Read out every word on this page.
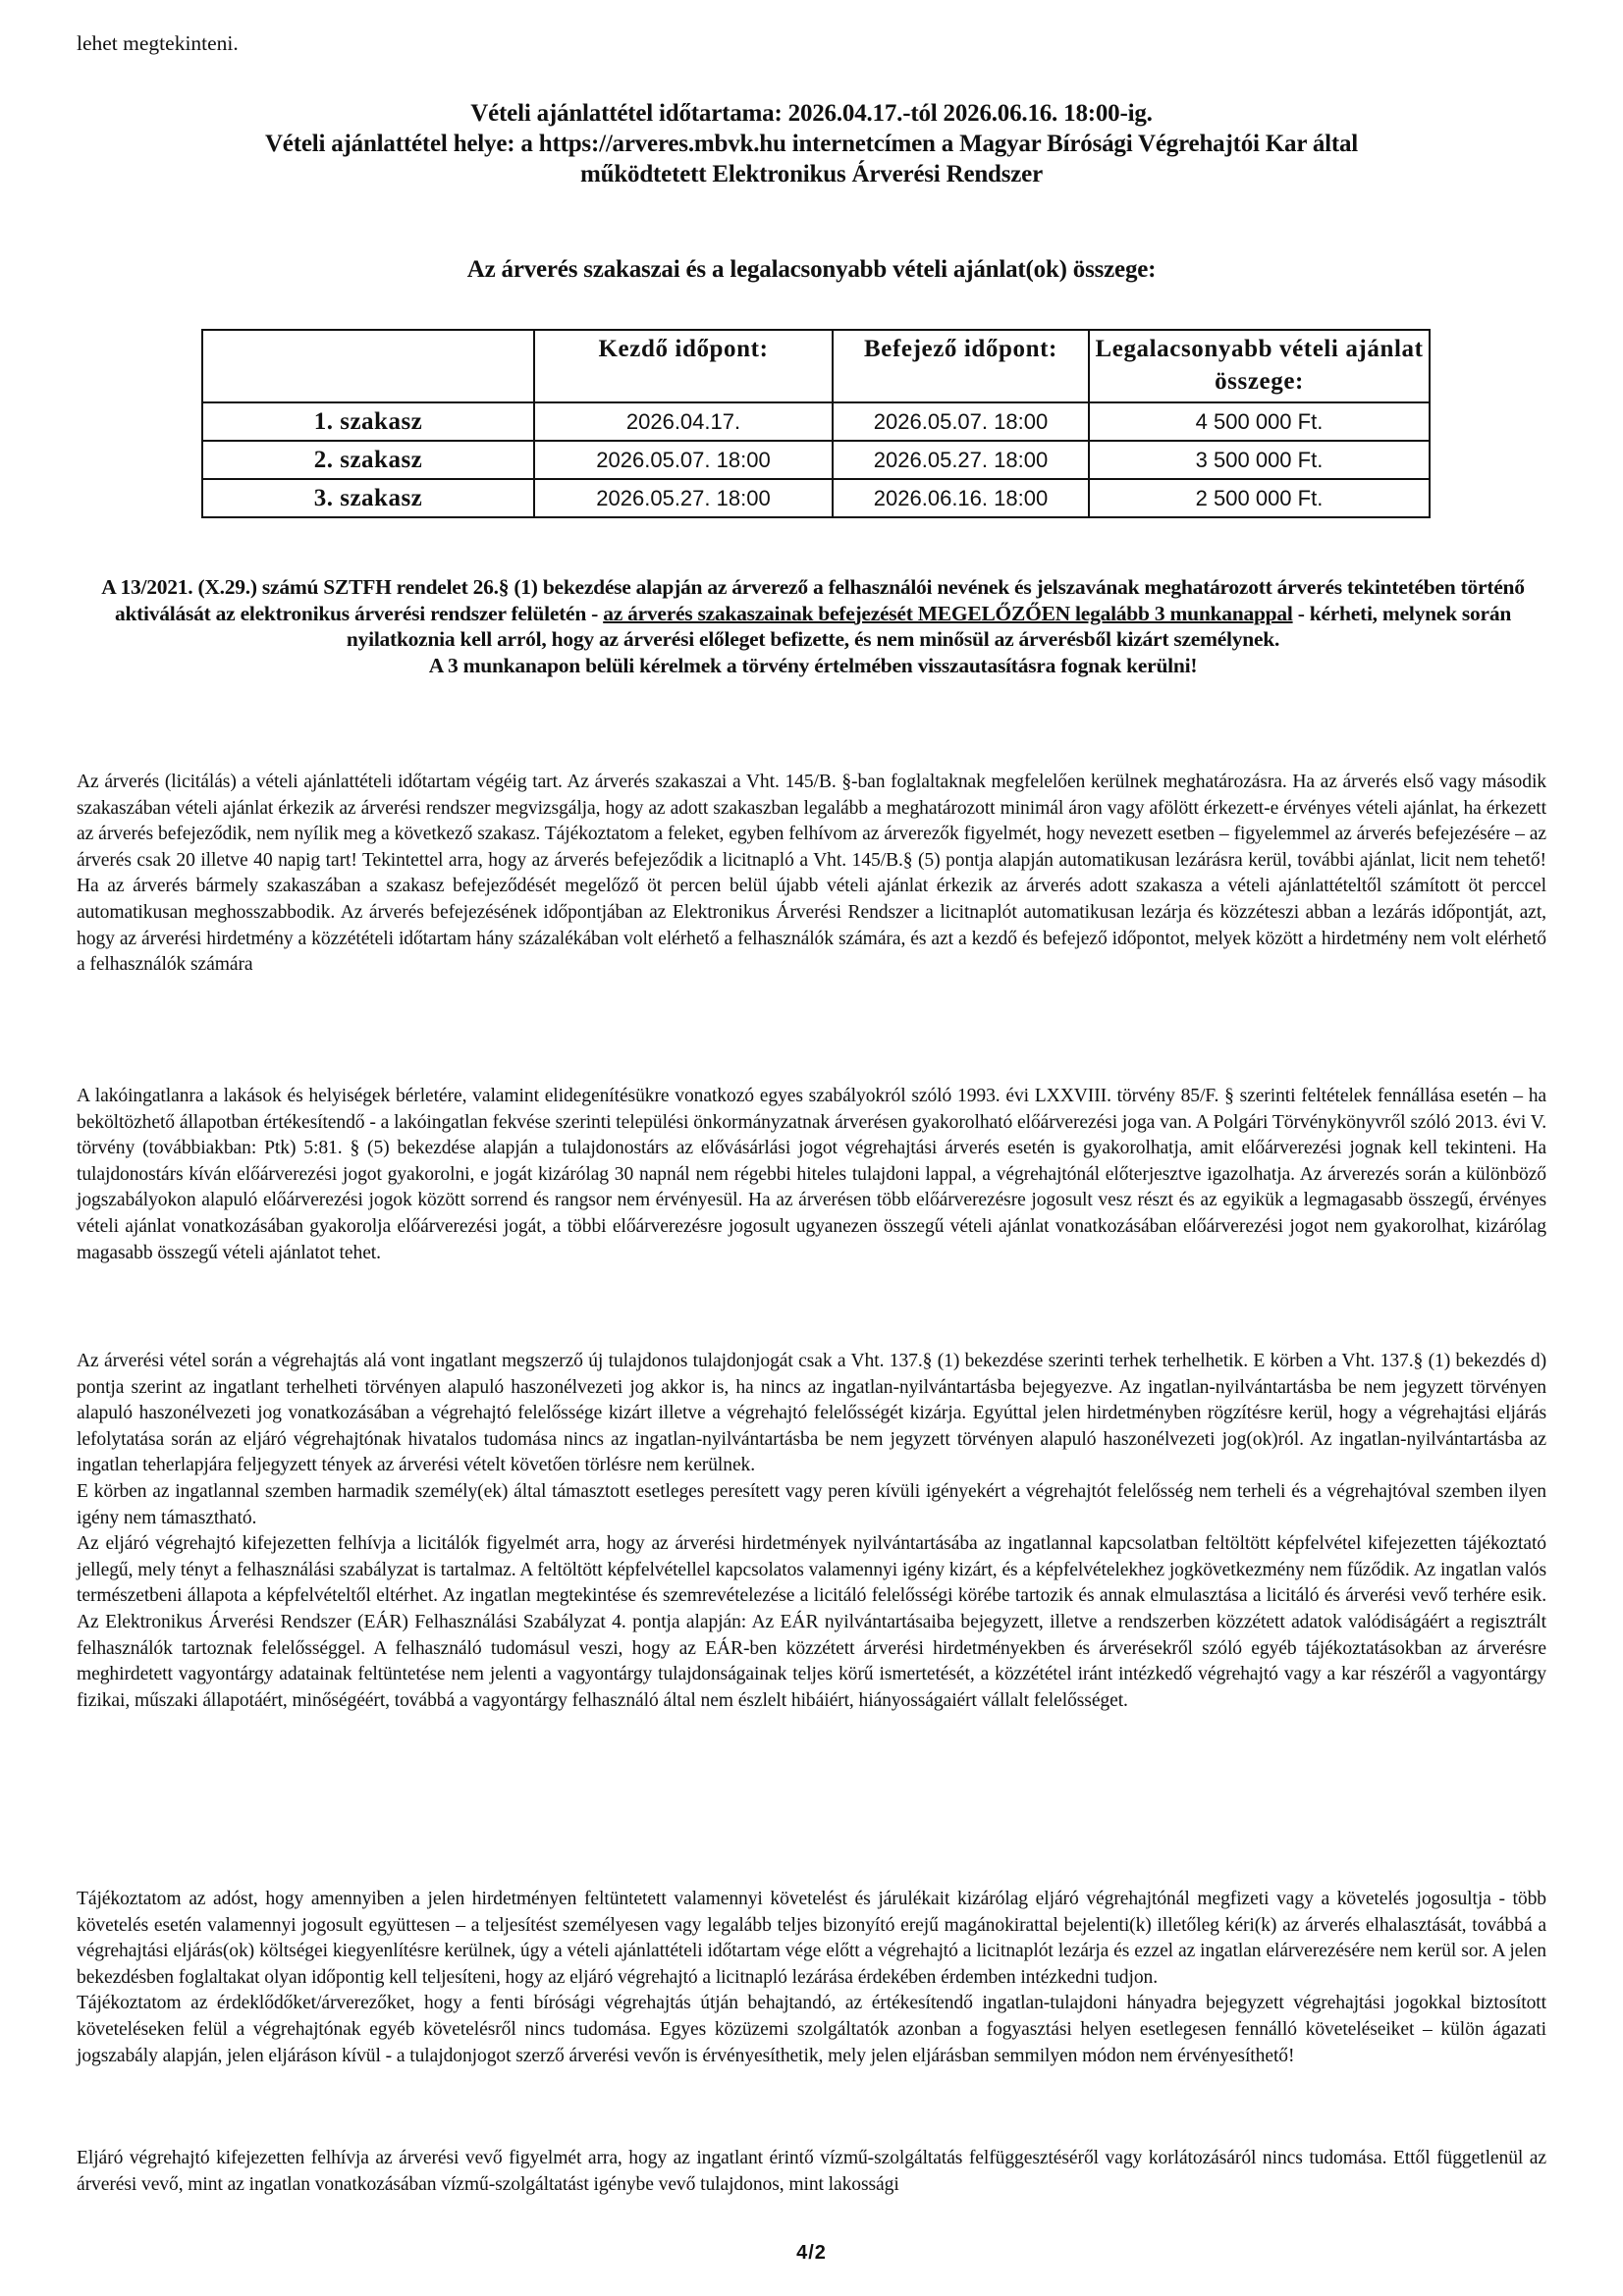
lehet megtekinteni.
Vételi ajánlattétel időtartama: 2026.04.17.-tól 2026.06.16. 18:00-ig.
Vételi ajánlattétel helye: a https://arveres.mbvk.hu internetcímen a Magyar Bírósági Végrehajtói Kar által
működtetett Elektronikus Árverési Rendszer
Az árverés szakaszai és a legalacsonyabb vételi ajánlat(ok) összege:
	Kezdő időpont:	Befejező időpont:	Legalacsonyabb vételi ajánlat összege:
1. szakasz	2026.04.17.	2026.05.07. 18:00	4 500 000 Ft.
2. szakasz	2026.05.07. 18:00	2026.05.27. 18:00	3 500 000 Ft.
3. szakasz	2026.05.27. 18:00	2026.06.16. 18:00	2 500 000 Ft.
A 13/2021. (X.29.) számú SZTFH rendelet 26.§ (1) bekezdése alapján az árverező a felhasználói nevének és jelszavának meghatározott árverés tekintetében történő aktiválását az elektronikus árverési rendszer felületén - az árverés szakaszainak befejezését MEGELŐZŐEN legalább 3 munkanappal - kérheti, melynek során nyilatkoznia kell arról, hogy az árverési előleget befizette, és nem minősül az árverésből kizárt személynek.
A 3 munkanapon belüli kérelmek a törvény értelmében visszautasításra fognak kerülni!

Az árverés (licitálás) a vételi ajánlattételi időtartam végéig tart. Az árverés szakaszai a Vht. 145/B. §-ban foglaltaknak megfelelően kerülnek meghatározásra. Ha az árverés első vagy második szakaszában vételi ajánlat érkezik az árverési rendszer megvizsgálja, hogy az adott szakaszban legalább a meghatározott minimál áron vagy afölött érkezett-e érvényes vételi ajánlat, ha érkezett az árverés befejeződik, nem nyílik meg a következő szakasz. Tájékoztatom a feleket, egyben felhívom az árverezők figyelmét, hogy nevezett esetben – figyelemmel az árverés befejezésére – az árverés csak 20 illetve 40 napig tart! Tekintettel arra, hogy az árverés befejeződik a licitnapló a Vht. 145/B.§ (5) pontja alapján automatikusan lezárásra kerül, további ajánlat, licit nem tehető! Ha az árverés bármely szakaszában a szakasz befejeződését megelőző öt percen belül újabb vételi ajánlat érkezik az árverés adott szakasza a vételi ajánlattételtől számított öt perccel automatikusan meghosszabbodik. Az árverés befejezésének időpontjában az Elektronikus Árverési Rendszer a licitnaplót automatikusan lezárja és közzéteszi abban a lezárás időpontját, azt, hogy az árverési hirdetmény a közzétételi időtartam hány százalékában volt elérhető a felhasználók számára, és azt a kezdő és befejező időpontot, melyek között a hirdetmény nem volt elérhető a felhasználók számára

A lakóingatlanra a lakások és helyiségek bérletére, valamint elidegenítésükre vonatkozó egyes szabályokról szóló 1993. évi LXXVIII. törvény 85/F. § szerinti feltételek fennállása esetén – ha beköltözhető állapotban értékesítendő - a lakóingatlan fekvése szerinti települési önkormányzatnak árverésen gyakorolható előárverezési joga van. A Polgári Törvénykönyvről szóló 2013. évi V. törvény (továbbiakban: Ptk) 5:81. § (5) bekezdése alapján a tulajdonostárs az elővásárlási jogot végrehajtási árverés esetén is gyakorolhatja, amit előárverezési jognak kell tekinteni. Ha tulajdonostárs kíván előárverezési jogot gyakorolni, e jogát kizárólag 30 napnál nem régebbi hiteles tulajdoni lappal, a végrehajtónál előterjesztve igazolhatja. Az árverezés során a különböző jogszabályokon alapuló előárverezési jogok között sorrend és rangsor nem érvényesül. Ha az árverésen több előárverezésre jogosult vesz részt és az egyikük a legmagasabb összegű, érvényes vételi ajánlat vonatkozásában gyakorolja előárverezési jogát, a többi előárverezésre jogosult ugyanezen összegű vételi ajánlat vonatkozásában előárverezési jogot nem gyakorolhat, kizárólag magasabb összegű vételi ajánlatot tehet.

Az árverési vétel során a végrehajtás alá vont ingatlant megszerző új tulajdonos tulajdonjogát csak a Vht. 137.§ (1) bekezdése szerinti terhek terhelhetik. E körben a Vht. 137.§ (1) bekezdés d) pontja szerint az ingatlant terhelheti törvényen alapuló haszonélvezeti jog akkor is, ha nincs az ingatlan-nyilvántartásba bejegyezve. Az ingatlan-nyilvántartásba be nem jegyzett törvényen alapuló haszonélvezeti jog vonatkozásában a végrehajtó felelőssége kizárt illetve a végrehajtó felelősségét kizárja. Egyúttal jelen hirdetményben rögzítésre kerül, hogy a végrehajtási eljárás lefolytatása során az eljáró végrehajtónak hivatalos tudomása nincs az ingatlan-nyilvántartásba be nem jegyzett törvényen alapuló haszonélvezeti jog(ok)ról. Az ingatlan-nyilvántartásba az ingatlan teherlapjára feljegyzett tények az árverési vételt követően törlésre nem kerülnek.

E körben az ingatlannal szemben harmadik személy(ek) által támasztott esetleges peresített vagy peren kívüli igényekért a végrehajtót felelősség nem terheli és a végrehajtóval szemben ilyen igény nem támasztható.

Az eljáró végrehajtó kifejezetten felhívja a licitálók figyelmét arra, hogy az árverési hirdetmények nyilvántartásába az ingatlannal kapcsolatban feltöltött képfelvétel kifejezetten tájékoztató jellegű, mely tényt a felhasználási szabályzat is tartalmaz. A feltöltött képfelvétellel kapcsolatos valamennyi igény kizárt, és a képfelvételekhez jogkövetkezmény nem fűződik. Az ingatlan valós természetbeni állapota a képfelvételtől eltérhet. Az ingatlan megtekintése és szemrevételezése a licitáló felelősségi körébe tartozik és annak elmulasztása a licitáló és árverési vevő terhére esik. Az Elektronikus Árverési Rendszer (EÁR) Felhasználási Szabályzat 4. pontja alapján: Az EÁR nyilvántartásaiba bejegyzett, illetve a rendszerben közzétett adatok valódiságáért a regisztrált felhasználók tartoznak felelősséggel. A felhasználó tudomásul veszi, hogy az EÁR-ben közzétett árverési hirdetményekben és árverésekről szóló egyéb tájékoztatásokban az árverésre meghirdetett vagyontárgy adatainak feltüntetése nem jelenti a vagyontárgy tulajdonságainak teljes körű ismertetését, a közzététel iránt intézkedő végrehajtó vagy a kar részéről a vagyontárgy fizikai, műszaki állapotáért, minőségéért, továbbá a vagyontárgy felhasználó által nem észlelt hibáiért, hiányosságaiért vállalt felelősséget.

Tájékoztatom az adóst, hogy amennyiben a jelen hirdetményen feltüntetett valamennyi követelést és járulékait kizárólag eljáró végrehajtónál megfizeti vagy a követelés jogosultja - több követelés esetén valamennyi jogosult együttesen – a teljesítést személyesen vagy legalább teljes bizonyító erejű magánokirattal bejelenti(k) illetőleg kéri(k) az árverés elhalasztását, továbbá a végrehajtási eljárás(ok) költségei kiegyenlítésre kerülnek, úgy a vételi ajánlattételi időtartam vége előtt a végrehajtó a licitnaplót lezárja és ezzel az ingatlan elárverezésére nem kerül sor. A jelen bekezdésben foglaltakat olyan időpontig kell teljesíteni, hogy az eljáró végrehajtó a licitnapló lezárása érdekében érdemben intézkedni tudjon.

Tájékoztatom az érdeklődőket/árverezőket, hogy a fenti bírósági végrehajtás útján behajtandó, az értékesítendő ingatlan-tulajdoni hányadra bejegyzett végrehajtási jogokkal biztosított követeléseken felül a végrehajtónak egyéb követelésről nincs tudomása. Egyes közüzemi szolgáltatók azonban a fogyasztási helyen esetlegesen fennálló követeléseiket – külön ágazati jogszabály alapján, jelen eljáráson kívül - a tulajdonjogot szerző árverési vevőn is érvényesíthetik, mely jelen eljárásban semmilyen módon nem érvényesíthető!

Eljáró végrehajtó kifejezetten felhívja az árverési vevő figyelmét arra, hogy az ingatlant érintő vízmű-szolgáltatás felfüggesztéséről vagy korlátozásáról nincs tudomása. Ettől függetlenül az árverési vevő, mint az ingatlan vonatkozásában vízmű-szolgáltatást igénybe vevő tulajdonos, mint lakossági

4/2
